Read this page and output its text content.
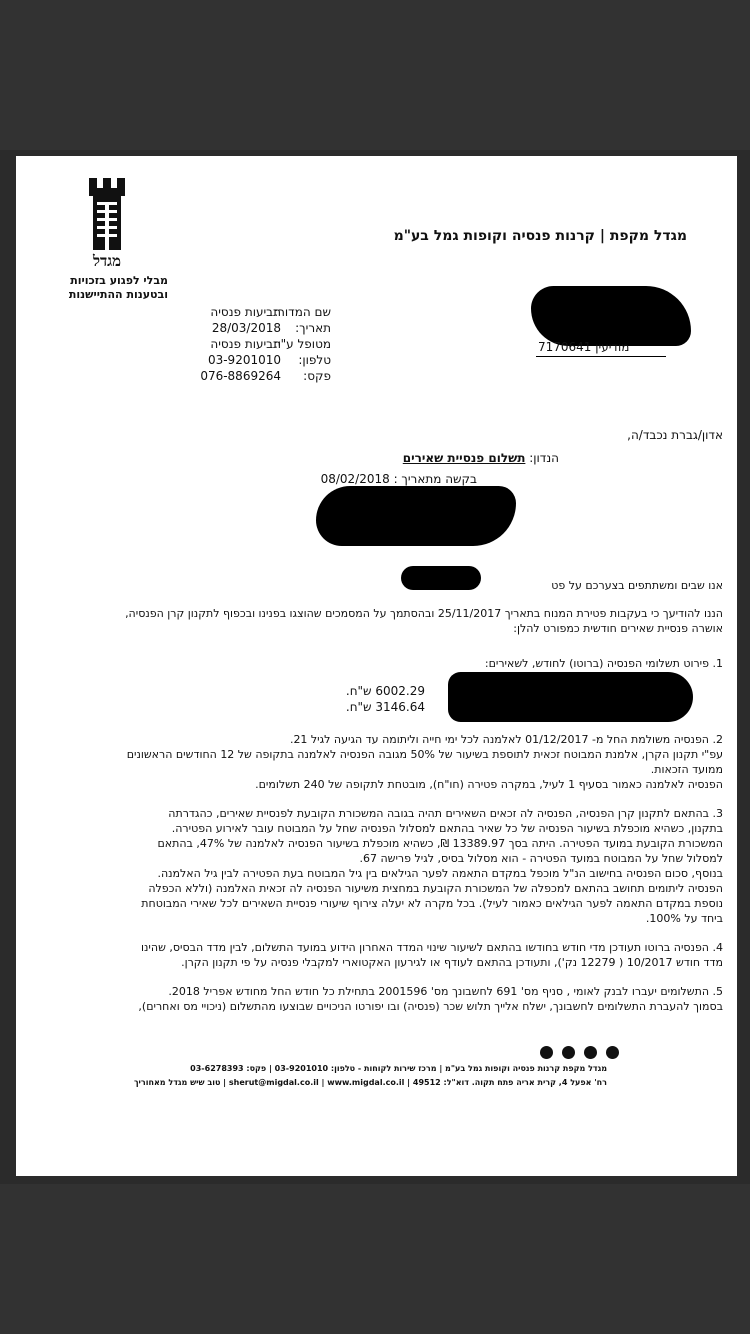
מגדל
מבלי לפגוע בזכויות
ובטענות ההתיישנות
מגדל מקפת | קרנות פנסיה וקופות גמל בע"מ
שם המדור:
תאריך:
מטופל ע"י:
טלפון:
פקס:
תביעות פנסיה
28/03/2018
תביעות פנסיה
03-9201010
076-8869264
מודיעין 7170641
אדון/גברת נכבד/ה,
הנדון: תשלום פנסיית שאירים
בקשה מתאריך : 08/02/2018
אנו שבים ומשתתפים בצערכם על פט
הננו להודיעך כי בעקבות פטירת המנוח בתאריך 25/11/2017 ובהסתמך על המסמכים שהוצגו בפנינו ובכפוף לתקנון קרן הפנסיה,
אושרה פנסיית שאירים חודשית כמפורט להלן:
1. פירוט תשלומי הפנסיה (ברוטו) לחודש, לשאירים:
6002.29 ש"ח.
3146.64 ש"ח.
2. הפנסיה משולמת החל מ- 01/12/2017 לאלמנה לכל ימי חייה וליתומה עד הגיעה לגיל 21.
עפ"י תקנון הקרן, אלמנת המבוטח זכאית לתוספת בשיעור של 50% מגובה הפנסיה לאלמנה בתקופה של 12 החודשים הראשונים
ממועד הזכאות.
הפנסיה לאלמנה כאמור בסעיף 1 לעיל, במקרה פטירה (חו"ח), מובטחת לתקופה של 240 תשלומים.
3. בהתאם לתקנון קרן הפנסיה, הפנסיה לה זכאים השאירים תהיה בגובה המשכורת הקובעת לפנסיית שאירים, כהגדרתה
בתקנון, כשהיא מוכפלת בשיעור הפנסיה של כל שאיר בהתאם למסלול הפנסיה שחל על המבוטח עובר לאירוע הפטירה.
המשכורת הקובעת במועד הפטירה. היתה בסך 13389.97 ₪, כשהיא מוכפלת בשיעור הפנסיה לאלמנה של 47%, בהתאם
למסלול שחל על המבוטח במועד הפטירה - הוא מסלול בסיס, לגיל פרישה 67.
בנוסף, סכום הפנסיה בחישוב הנ"ל מוכפל במקדם התאמה לפער הגילאים בין גיל המבוטח בעת הפטירה לבין גיל האלמנה.
הפנסיה ליתומים תחושב בהתאם למכפלה של המשכורת הקובעת במחצית משיעור הפנסיה לה זכאית האלמנה (וללא הכפלה
נוספת במקדם התאמה לפער הגילאים כאמור לעיל). בכל מקרה לא יעלה צירוף שיעורי פנסיית השאירים לכל שאירי המבוטחת
ביחד על 100%.
4. הפנסיה ברוטו תעודכן מדי חודש בחודשו בהתאם לשיעור שינוי המדד האחרון הידוע במועד התשלום, לבין מדד הבסיס, שהינו
מדד חודש 10/2017 ( 12279 נק'), ותעודכן בהתאם לעודף או לגירעון האקטוארי למקבלי פנסיה על פי תקנון הקרן.
5. התשלומים יעברו לבנק לאומי , סניף מס' 691 לחשבונך מס' 2001596 בתחילת כל חודש החל מחודש אפריל 2018.
בסמוך להעברת התשלומים לחשבונך, ישלח אלייך תלוש שכר (פנסיה) ובו יפורטו הניכויים שבוצעו מהתשלום (ניכויי מס ואחרים),

מגדל מקפת קרנות פנסיה וקופות גמל בע"מ | מרכז שירות לקוחות - טלפון: 03-9201010 | פקס: 03-6278393
רח' אפעל 4, קרית אריה פתח תקוה. דוא"ל: 49512 | sherut@migdal.co.il | www.migdal.co.il | טוב שיש מגדל מאחוריך
